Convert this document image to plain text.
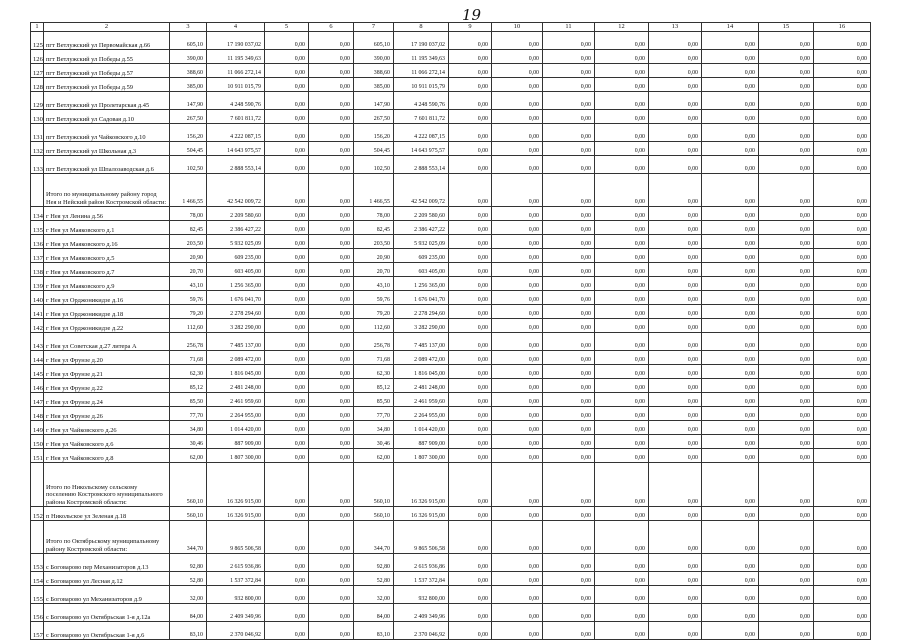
19
1	2	3	4	5	6	7	8	9	10	11	12	13	14	15	16
125	пгт Ветлужский ул Первомайская д.66	605,10	17 190 037,02	0,00	0,00	605,10	17 190 037,02	0,00	0,00	0,00	0,00	0,00	0,00	0,00	0,00
126	пгт Ветлужский ул Победы д.55	390,00	11 195 349,63	0,00	0,00	390,00	11 195 349,63	0,00	0,00	0,00	0,00	0,00	0,00	0,00	0,00
127	пгт Ветлужский ул Победы д.57	388,60	11 066 272,14	0,00	0,00	388,60	11 066 272,14	0,00	0,00	0,00	0,00	0,00	0,00	0,00	0,00
128	пгт Ветлужский ул Победы д.59	385,00	10 911 015,79	0,00	0,00	385,00	10 911 015,79	0,00	0,00	0,00	0,00	0,00	0,00	0,00	0,00
129	пгт Ветлужский ул Пролетарская д.45	147,90	4 248 590,76	0,00	0,00	147,90	4 248 590,76	0,00	0,00	0,00	0,00	0,00	0,00	0,00	0,00
130	пгт Ветлужский ул Садовая д.10	267,50	7 601 811,72	0,00	0,00	267,50	7 601 811,72	0,00	0,00	0,00	0,00	0,00	0,00	0,00	0,00
131	пгт Ветлужский ул Чайковского д.10	156,20	4 222 087,15	0,00	0,00	156,20	4 222 087,15	0,00	0,00	0,00	0,00	0,00	0,00	0,00	0,00
132	пгт Ветлужский ул Школьная д.3	504,45	14 643 975,57	0,00	0,00	504,45	14 643 975,57	0,00	0,00	0,00	0,00	0,00	0,00	0,00	0,00
133	пгт Ветлужский ул Шпалозаводская д.6	102,50	2 888 553,14	0,00	0,00	102,50	2 888 553,14	0,00	0,00	0,00	0,00	0,00	0,00	0,00	0,00
	Итого по муниципальному району город Нея и Нейский район Костромской области:	1 466,55	42 542 009,72	0,00	0,00	1 466,55	42 542 009,72	0,00	0,00	0,00	0,00	0,00	0,00	0,00	0,00
134	г Нея ул Ленина д.56	78,00	2 209 580,60	0,00	0,00	78,00	2 209 580,60	0,00	0,00	0,00	0,00	0,00	0,00	0,00	0,00
135	г Нея ул Маяковского д.1	82,45	2 386 427,22	0,00	0,00	82,45	2 386 427,22	0,00	0,00	0,00	0,00	0,00	0,00	0,00	0,00
136	г Нея ул Маяковского д.16	203,50	5 932 025,09	0,00	0,00	203,50	5 932 025,09	0,00	0,00	0,00	0,00	0,00	0,00	0,00	0,00
137	г Нея ул Маяковского д.5	20,90	609 235,00	0,00	0,00	20,90	609 235,00	0,00	0,00	0,00	0,00	0,00	0,00	0,00	0,00
138	г Нея ул Маяковского д.7	20,70	603 405,00	0,00	0,00	20,70	603 405,00	0,00	0,00	0,00	0,00	0,00	0,00	0,00	0,00
139	г Нея ул Маяковского д.9	43,10	1 256 365,00	0,00	0,00	43,10	1 256 365,00	0,00	0,00	0,00	0,00	0,00	0,00	0,00	0,00
140	г Нея ул Орджоникидзе д.16	59,76	1 676 041,70	0,00	0,00	59,76	1 676 041,70	0,00	0,00	0,00	0,00	0,00	0,00	0,00	0,00
141	г Нея ул Орджоникидзе д.18	79,20	2 278 294,60	0,00	0,00	79,20	2 278 294,60	0,00	0,00	0,00	0,00	0,00	0,00	0,00	0,00
142	г Нея ул Орджоникидзе д.22	112,60	3 282 290,00	0,00	0,00	112,60	3 282 290,00	0,00	0,00	0,00	0,00	0,00	0,00	0,00	0,00
143	г Нея ул Советская д.27 литера А	256,78	7 485 137,00	0,00	0,00	256,78	7 485 137,00	0,00	0,00	0,00	0,00	0,00	0,00	0,00	0,00
144	г Нея ул Фрунзе д.20	71,68	2 089 472,00	0,00	0,00	71,68	2 089 472,00	0,00	0,00	0,00	0,00	0,00	0,00	0,00	0,00
145	г Нея ул Фрунзе д.21	62,30	1 816 045,00	0,00	0,00	62,30	1 816 045,00	0,00	0,00	0,00	0,00	0,00	0,00	0,00	0,00
146	г Нея ул Фрунзе д.22	85,12	2 481 248,00	0,00	0,00	85,12	2 481 248,00	0,00	0,00	0,00	0,00	0,00	0,00	0,00	0,00
147	г Нея ул Фрунзе д.24	85,50	2 461 959,60	0,00	0,00	85,50	2 461 959,60	0,00	0,00	0,00	0,00	0,00	0,00	0,00	0,00
148	г Нея ул Фрунзе д.26	77,70	2 264 955,00	0,00	0,00	77,70	2 264 955,00	0,00	0,00	0,00	0,00	0,00	0,00	0,00	0,00
149	г Нея ул Чайковского д.26	34,80	1 014 420,00	0,00	0,00	34,80	1 014 420,00	0,00	0,00	0,00	0,00	0,00	0,00	0,00	0,00
150	г Нея ул Чайковского д.6	30,46	887 909,00	0,00	0,00	30,46	887 909,00	0,00	0,00	0,00	0,00	0,00	0,00	0,00	0,00
151	г Нея ул Чайковского д.8	62,00	1 807 300,00	0,00	0,00	62,00	1 807 300,00	0,00	0,00	0,00	0,00	0,00	0,00	0,00	0,00
	Итого по Никольскому сельскому поселению Костромского муниципального района Костромской области:	560,10	16 326 915,00	0,00	0,00	560,10	16 326 915,00	0,00	0,00	0,00	0,00	0,00	0,00	0,00	0,00
152	п Никольское ул Зеленая д.18	560,10	16 326 915,00	0,00	0,00	560,10	16 326 915,00	0,00	0,00	0,00	0,00	0,00	0,00	0,00	0,00
	Итого по Октябрьскому муниципальному району Костромской области:	344,70	9 865 506,58	0,00	0,00	344,70	9 865 506,58	0,00	0,00	0,00	0,00	0,00	0,00	0,00	0,00
153	с Боговарово пер Механизаторов д.13	92,80	2 615 936,86	0,00	0,00	92,80	2 615 936,86	0,00	0,00	0,00	0,00	0,00	0,00	0,00	0,00
154	с Боговарово ул Лесная д.12	52,80	1 537 372,84	0,00	0,00	52,80	1 537 372,84	0,00	0,00	0,00	0,00	0,00	0,00	0,00	0,00
155	с Боговарово ул Механизаторов д.9	32,00	932 800,00	0,00	0,00	32,00	932 800,00	0,00	0,00	0,00	0,00	0,00	0,00	0,00	0,00
156	с Боговарово ул Октябрьская 1-я д.12а	84,00	2 409 349,96	0,00	0,00	84,00	2 409 349,96	0,00	0,00	0,00	0,00	0,00	0,00	0,00	0,00
157	с Боговарово ул Октябрьская 1-я д.6	83,10	2 370 046,92	0,00	0,00	83,10	2 370 046,92	0,00	0,00	0,00	0,00	0,00	0,00	0,00	0,00
